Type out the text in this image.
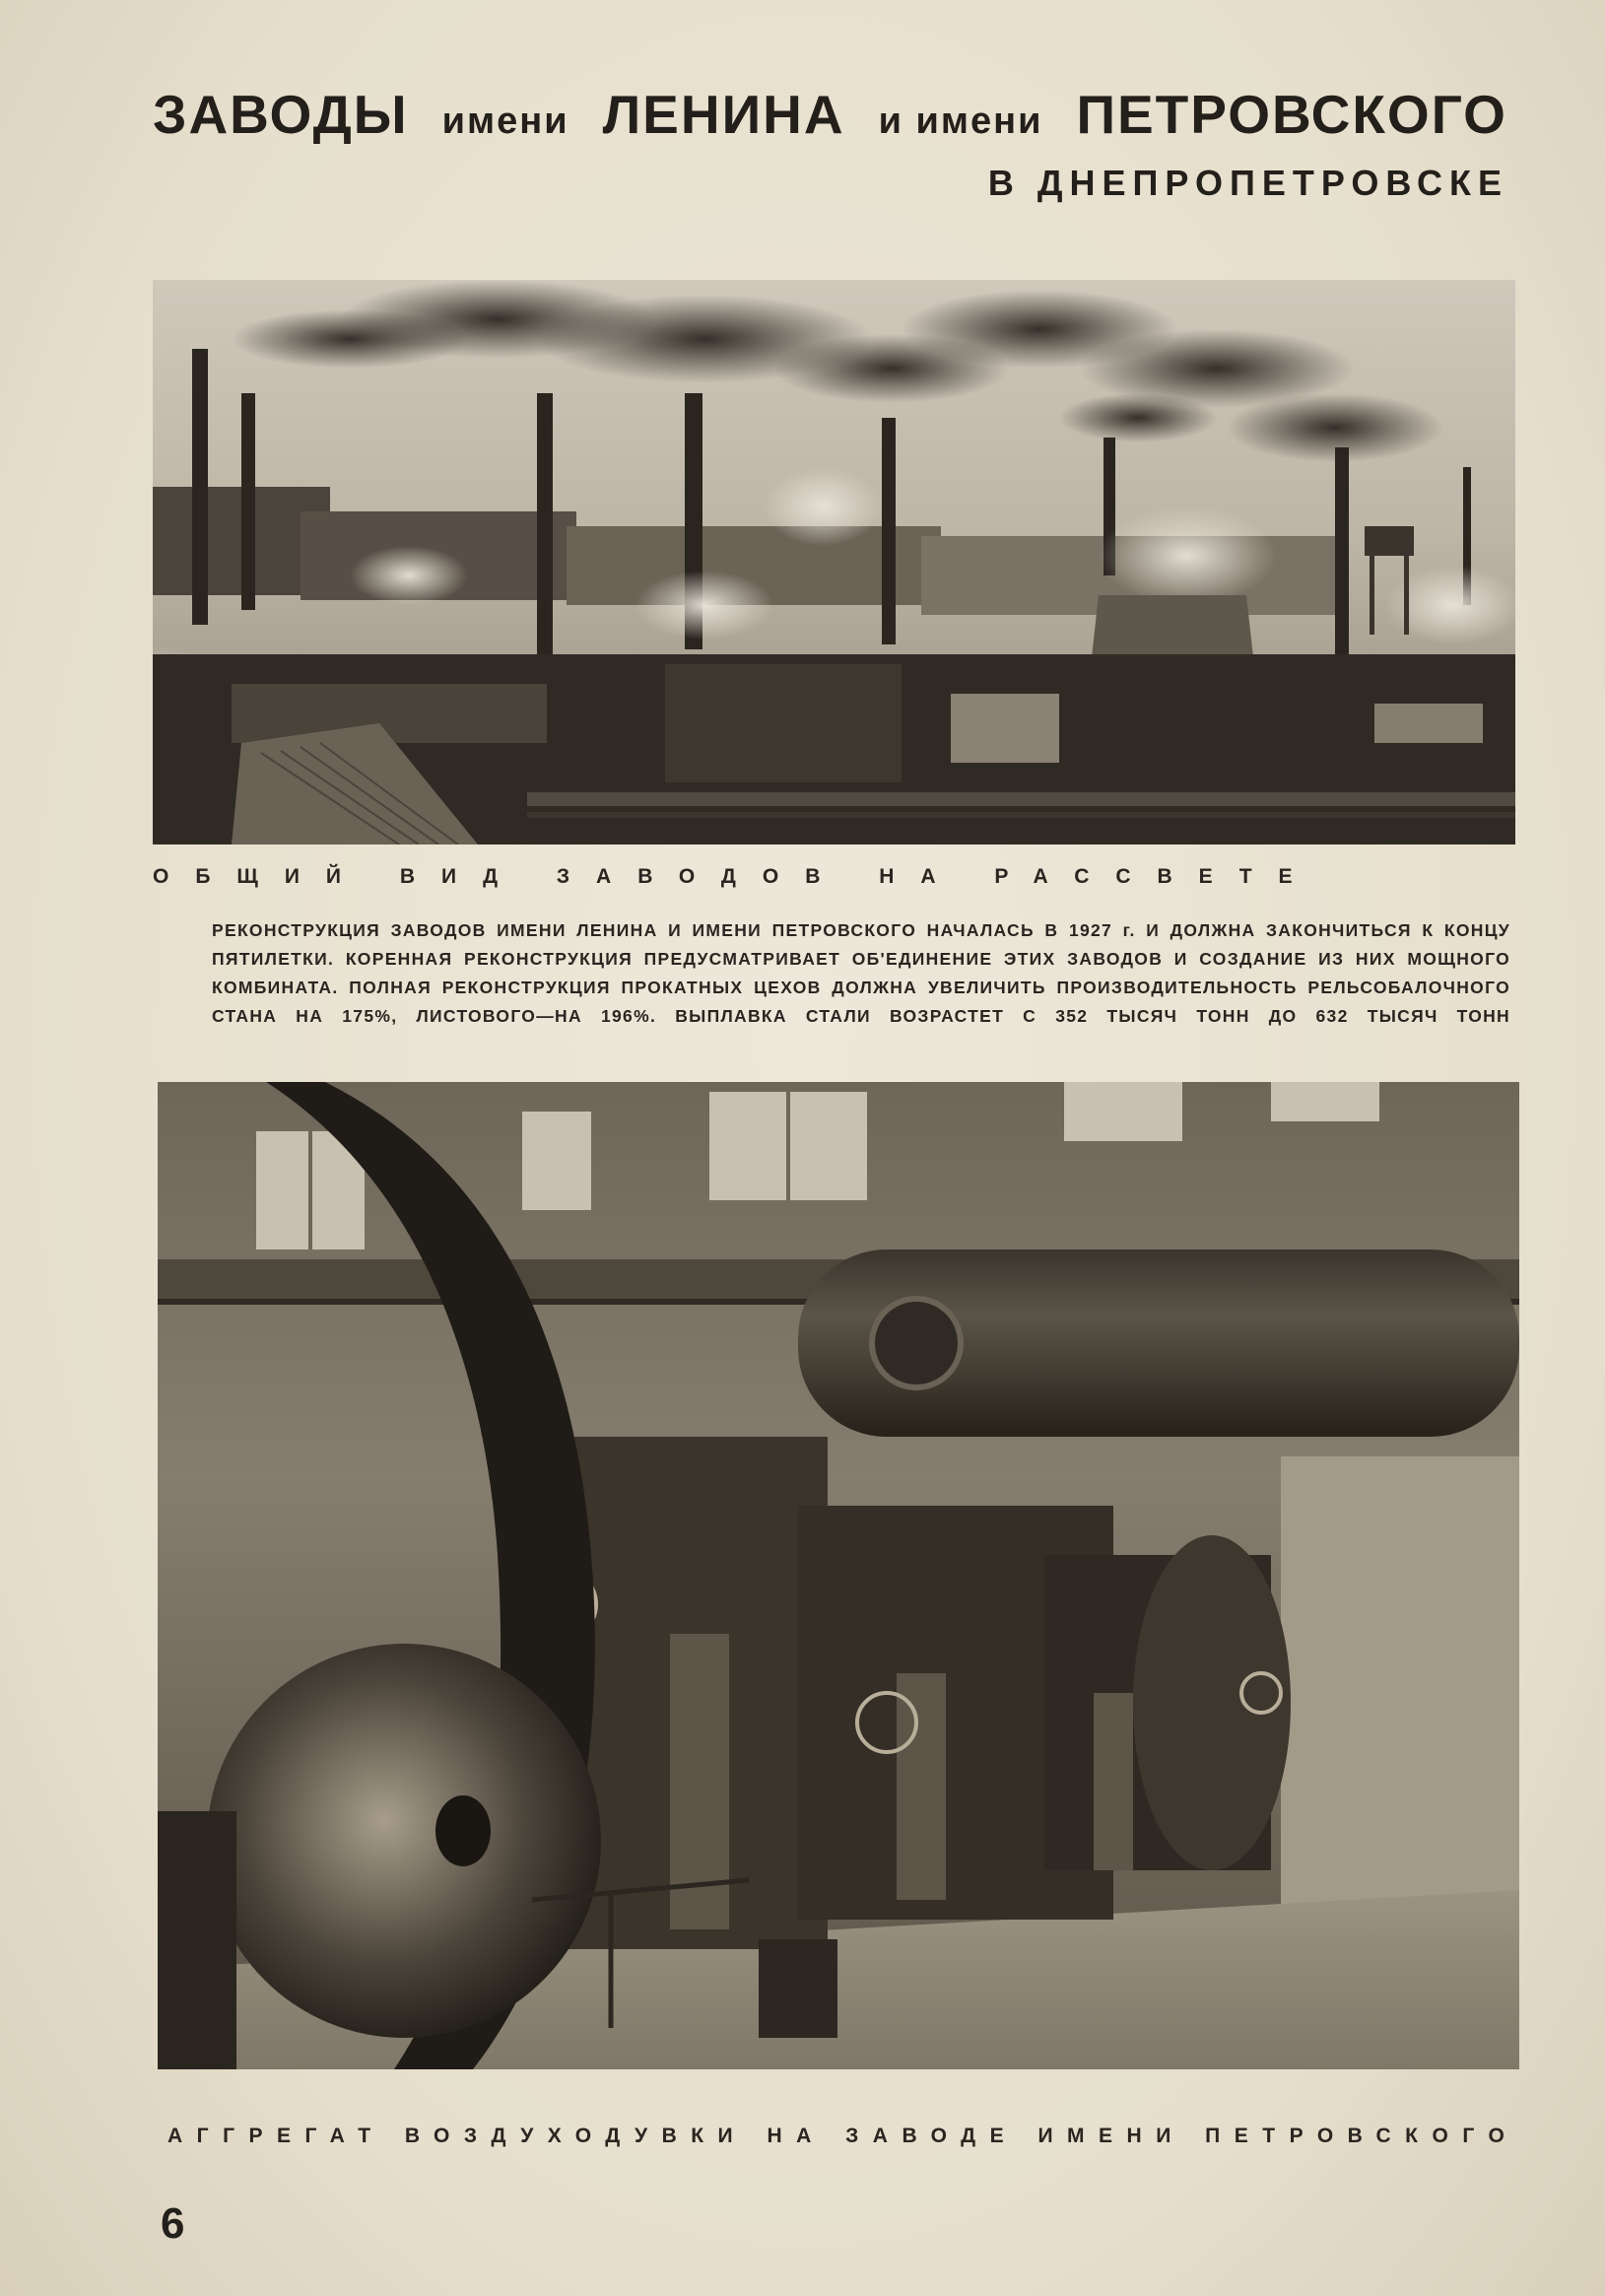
ЗАВОДЫ имени ЛЕНИНА и имени ПЕТРОВСКОГО
В ДНЕПРОПЕТРОВСКЕ
ОБЩИЙ ВИД ЗАВОДОВ НА РАССВЕТЕ
РЕКОНСТРУКЦИЯ ЗАВОДОВ ИМЕНИ ЛЕНИНА И ИМЕНИ ПЕТРОВСКОГО НАЧАЛАСЬ В 1927 г. И ДОЛЖНА ЗАКОНЧИТЬСЯ К КОНЦУ
ПЯТИЛЕТКИ. КОРЕННАЯ РЕКОНСТРУКЦИЯ ПРЕДУСМАТРИВАЕТ ОБ'ЕДИНЕНИЕ ЭТИХ ЗАВОДОВ И СОЗДАНИЕ ИЗ НИХ МОЩНОГО
КОМБИНАТА. ПОЛНАЯ РЕКОНСТРУКЦИЯ ПРОКАТНЫХ ЦЕХОВ ДОЛЖНА УВЕЛИЧИТЬ ПРОИЗВОДИТЕЛЬНОСТЬ РЕЛЬСОБАЛОЧНОГО
СТАНА НА 175%, ЛИСТОВОГО—НА 196%. ВЫПЛАВКА СТАЛИ ВОЗРАСТЕТ С 352 ТЫСЯЧ ТОНН ДО 632 ТЫСЯЧ ТОНН
АГГРЕГАТ ВОЗДУХОДУВКИ НА ЗАВОДЕ ИМЕНИ ПЕТРОВСКОГО
6
